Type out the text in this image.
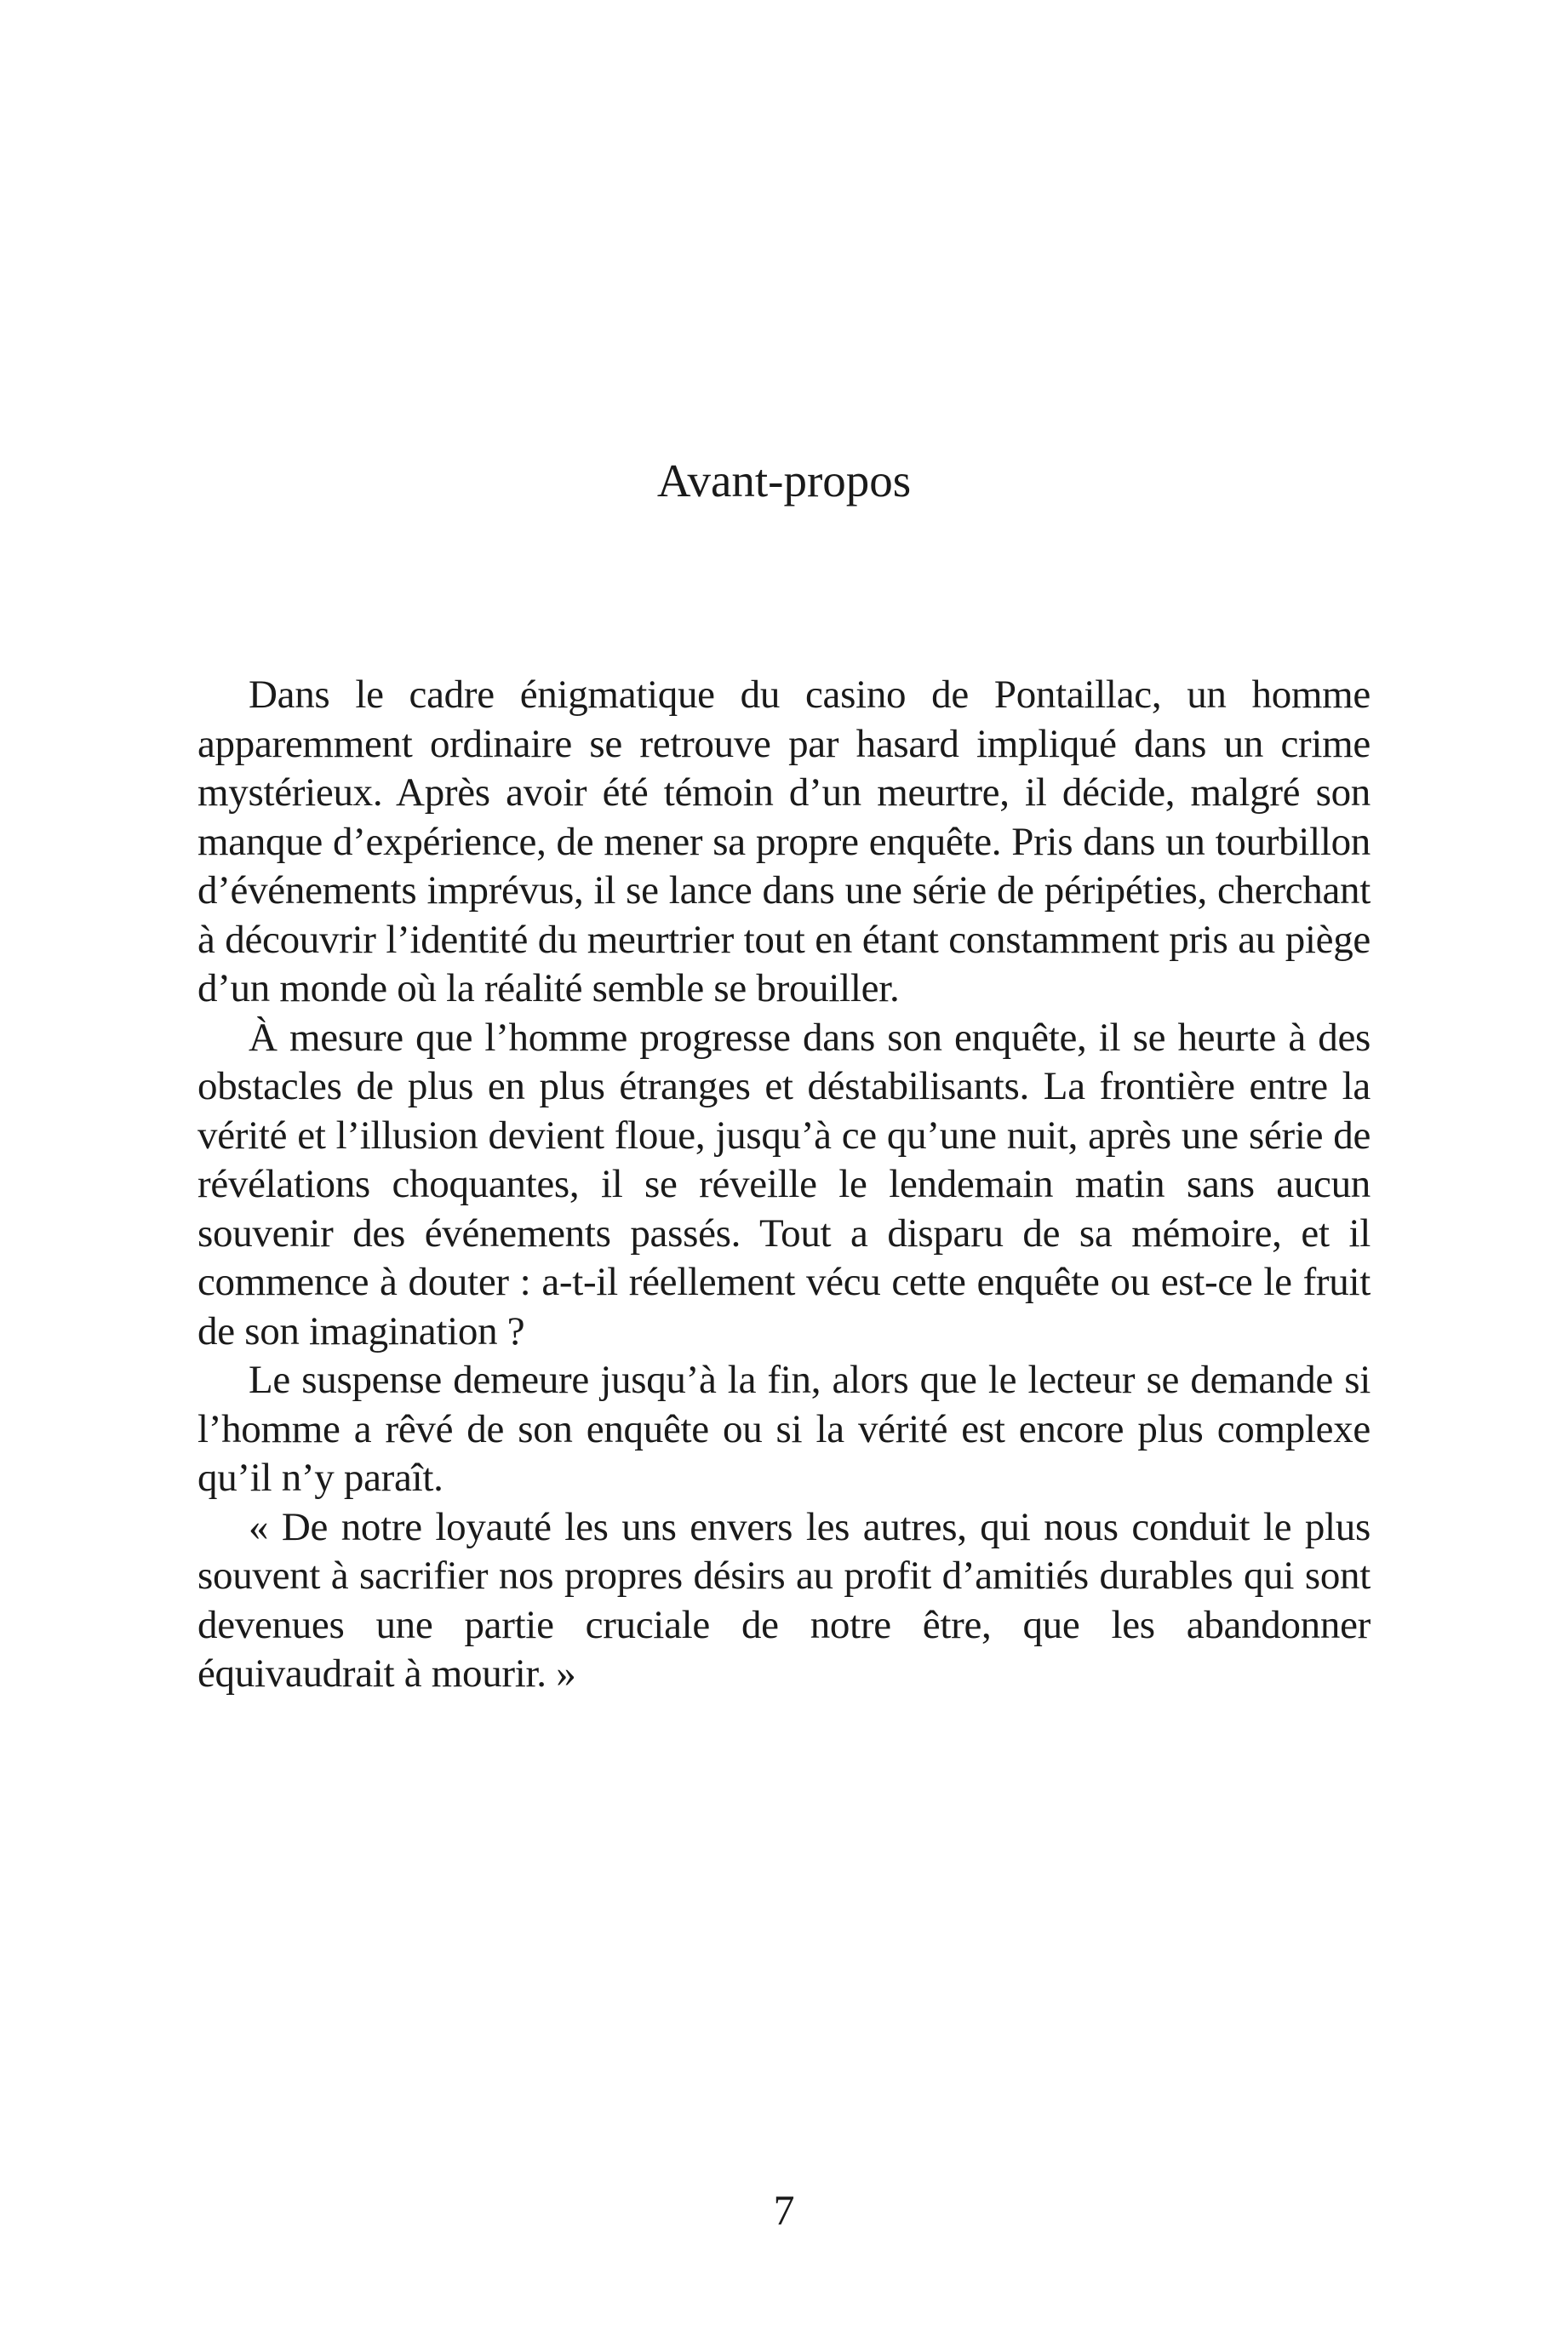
Avant-propos

Dans le cadre énigmatique du casino de Pontaillac, un homme apparemment ordinaire se retrouve par hasard impliqué dans un crime mystérieux. Après avoir été témoin d’un meurtre, il décide, malgré son manque d’expérience, de mener sa propre enquête. Pris dans un tourbillon d’événements imprévus, il se lance dans une série de péripéties, cherchant à découvrir l’identité du meurtrier tout en étant constamment pris au piège d’un monde où la réalité semble se brouiller.

À mesure que l’homme progresse dans son enquête, il se heurte à des obstacles de plus en plus étranges et déstabilisants. La frontière entre la vérité et l’illusion devient floue, jusqu’à ce qu’une nuit, après une série de révélations choquantes, il se réveille le lendemain matin sans aucun souvenir des événements passés. Tout a disparu de sa mémoire, et il commence à douter : a-t-il réellement vécu cette enquête ou est-ce le fruit de son imagination ?

Le suspense demeure jusqu’à la fin, alors que le lecteur se demande si l’homme a rêvé de son enquête ou si la vérité est encore plus complexe qu’il n’y paraît.

« De notre loyauté les uns envers les autres, qui nous conduit le plus souvent à sacrifier nos propres désirs au profit d’amitiés durables qui sont devenues une partie cruciale de notre être, que les abandonner équivaudrait à mourir. »

7
